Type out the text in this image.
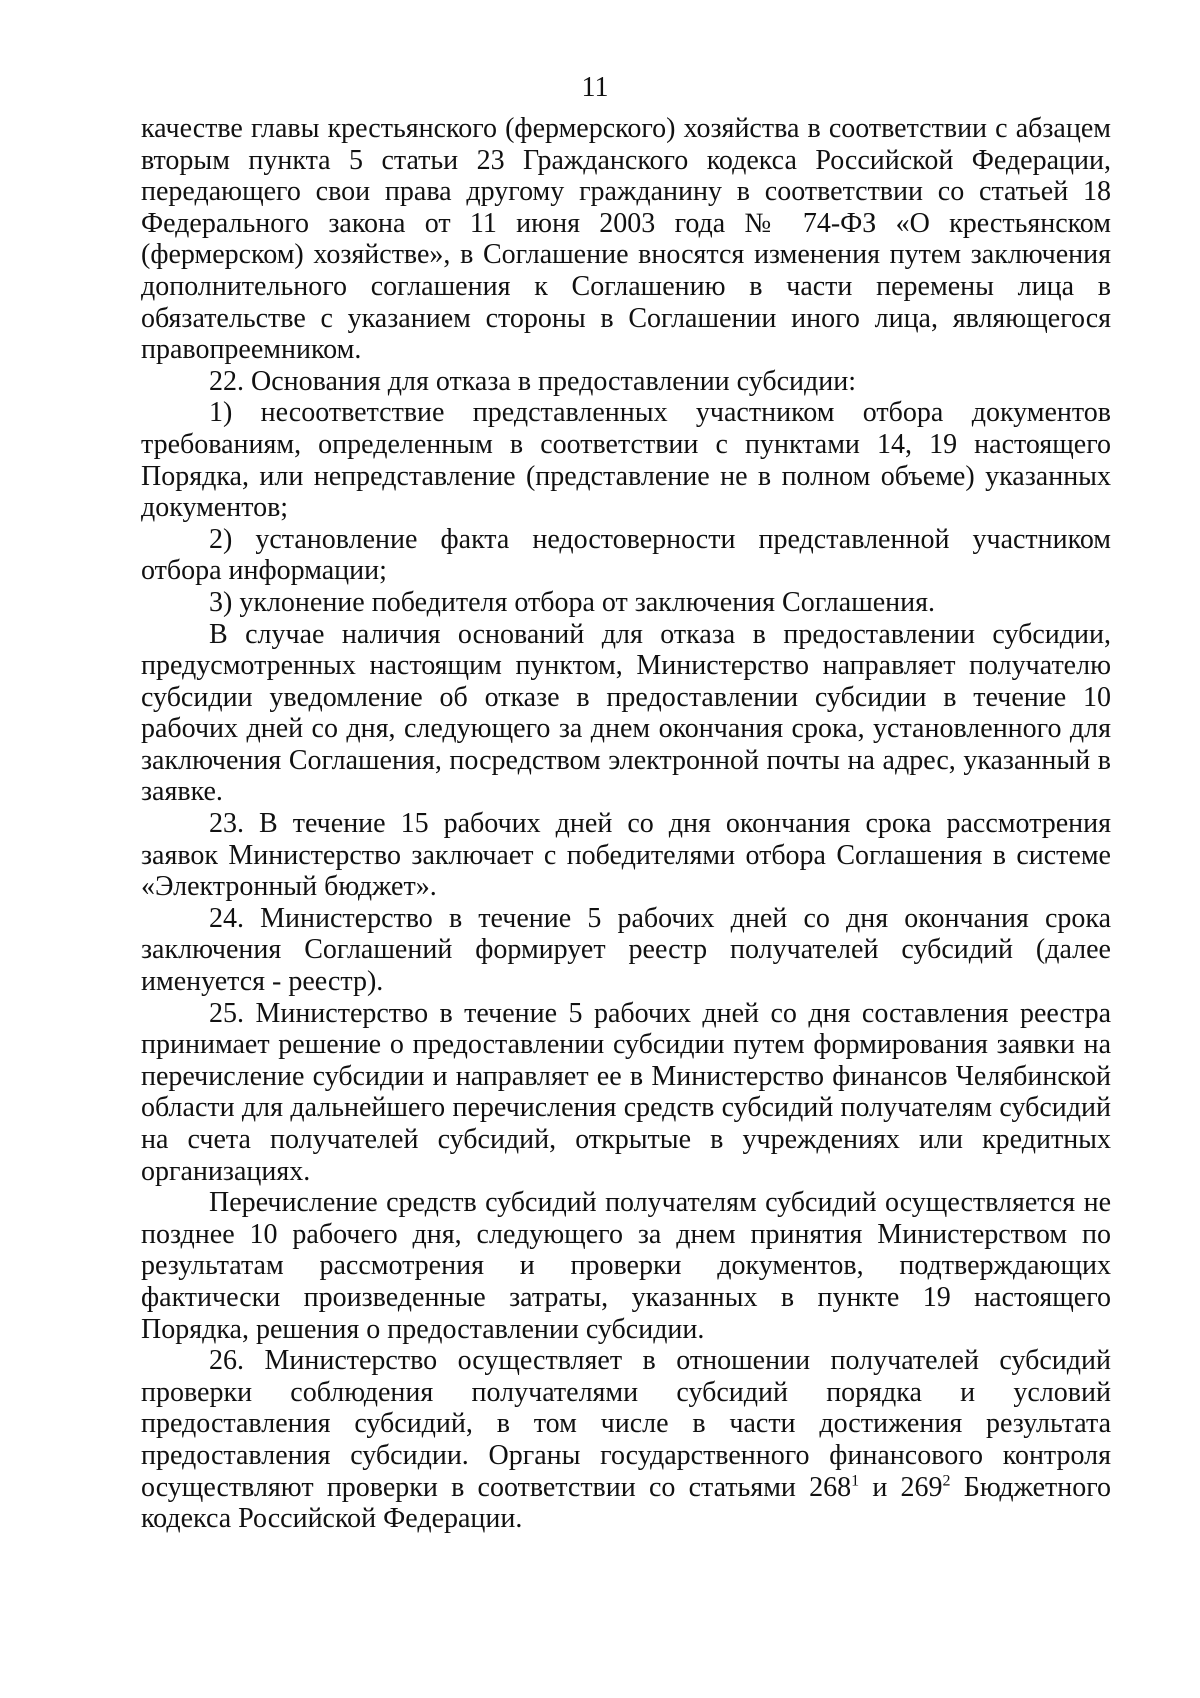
11

качестве главы крестьянского (фермерского) хозяйства в соответствии с абзацем вторым пункта 5 статьи 23 Гражданского кодекса Российской Федерации, передающего свои права другому гражданину в соответствии со статьей 18 Федерального закона от 11 июня 2003 года № 74-ФЗ «О крестьянском (фермерском) хозяйстве», в Соглашение вносятся изменения путем заключения дополнительного соглашения к Соглашению в части перемены лица в обязательстве с указанием стороны в Соглашении иного лица, являющегося правопреемником.

22. Основания для отказа в предоставлении субсидии:

1) несоответствие представленных участником отбора документов требованиям, определенным в соответствии с пунктами 14, 19 настоящего Порядка, или непредставление (представление не в полном объеме) указанных документов;

2) установление факта недостоверности представленной участником отбора информации;

3) уклонение победителя отбора от заключения Соглашения.

В случае наличия оснований для отказа в предоставлении субсидии, предусмотренных настоящим пунктом, Министерство направляет получателю субсидии уведомление об отказе в предоставлении субсидии в течение 10 рабочих дней со дня, следующего за днем окончания срока, установленного для заключения Соглашения, посредством электронной почты на адрес, указанный в заявке.

23. В течение 15 рабочих дней со дня окончания срока рассмотрения заявок Министерство заключает с победителями отбора Соглашения в системе «Электронный бюджет».

24. Министерство в течение 5 рабочих дней со дня окончания срока заключения Соглашений формирует реестр получателей субсидий (далее именуется - реестр).

25. Министерство в течение 5 рабочих дней со дня составления реестра принимает решение о предоставлении субсидии путем формирования заявки на перечисление субсидии и направляет ее в Министерство финансов Челябинской области для дальнейшего перечисления средств субсидий получателям субсидий на счета получателей субсидий, открытые в учреждениях или кредитных организациях.

Перечисление средств субсидий получателям субсидий осуществляется не позднее 10 рабочего дня, следующего за днем принятия Министерством по результатам рассмотрения и проверки документов, подтверждающих фактически произведенные затраты, указанных в пункте 19 настоящего Порядка, решения о предоставлении субсидии.

26. Министерство осуществляет в отношении получателей субсидий проверки соблюдения получателями субсидий порядка и условий предоставления субсидий, в том числе в части достижения результата предоставления субсидии. Органы государственного финансового контроля осуществляют проверки в соответствии со статьями $268^1$ и $269^2$ Бюджетного кодекса Российской Федерации.
